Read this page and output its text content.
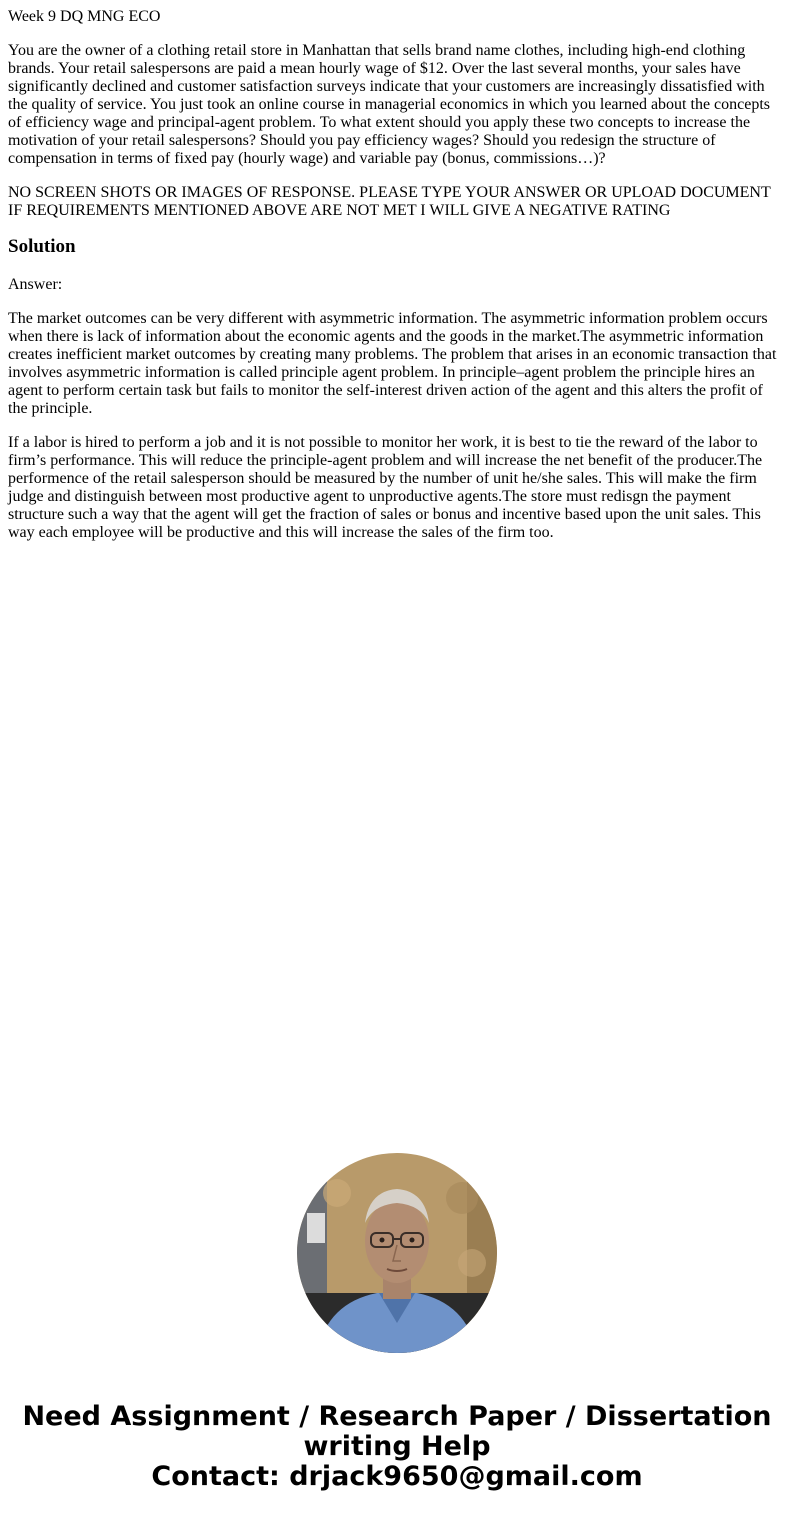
Week 9 DQ MNG ECO

You are the owner of a clothing retail store in Manhattan that sells brand name clothes, including high-end clothing brands. Your retail salespersons are paid a mean hourly wage of $12. Over the last several months, your sales have significantly declined and customer satisfaction surveys indicate that your customers are increasingly dissatisfied with the quality of service. You just took an online course in managerial economics in which you learned about the concepts of efficiency wage and principal-agent problem. To what extent should you apply these two concepts to increase the motivation of your retail salespersons? Should you pay efficiency wages? Should you redesign the structure of compensation in terms of fixed pay (hourly wage) and variable pay (bonus, commissions…)?

NO SCREEN SHOTS OR IMAGES OF RESPONSE. PLEASE TYPE YOUR ANSWER OR UPLOAD DOCUMENT IF REQUIREMENTS MENTIONED ABOVE ARE NOT MET I WILL GIVE A NEGATIVE RATING

Solution

Answer:

The market outcomes can be very different with asymmetric information. The asymmetric information problem occurs when there is lack of information about the economic agents and the goods in the market.The asymmetric information creates inefficient market outcomes by creating many problems. The problem that arises in an economic transaction that involves asymmetric information is called principle agent problem. In principle–agent problem the principle hires an agent to perform certain task but fails to monitor the self-interest driven action of the agent and this alters the profit of the principle.

If a labor is hired to perform a job and it is not possible to monitor her work, it is best to tie the reward of the labor to firm’s performance. This will reduce the principle-agent problem and will increase the net benefit of the producer.The performence of the retail salesperson should be measured by the number of unit he/she sales. This will make the firm judge and distinguish between most productive agent to unproductive agents.The store must redisgn the payment structure such a way that the agent will get the fraction of sales or bonus and incentive based upon the unit sales. This way each employee will be productive and this will increase the sales of the firm too.

Need Assignment / Research Paper / Dissertation
writing Help
Contact: drjack9650@gmail.com
